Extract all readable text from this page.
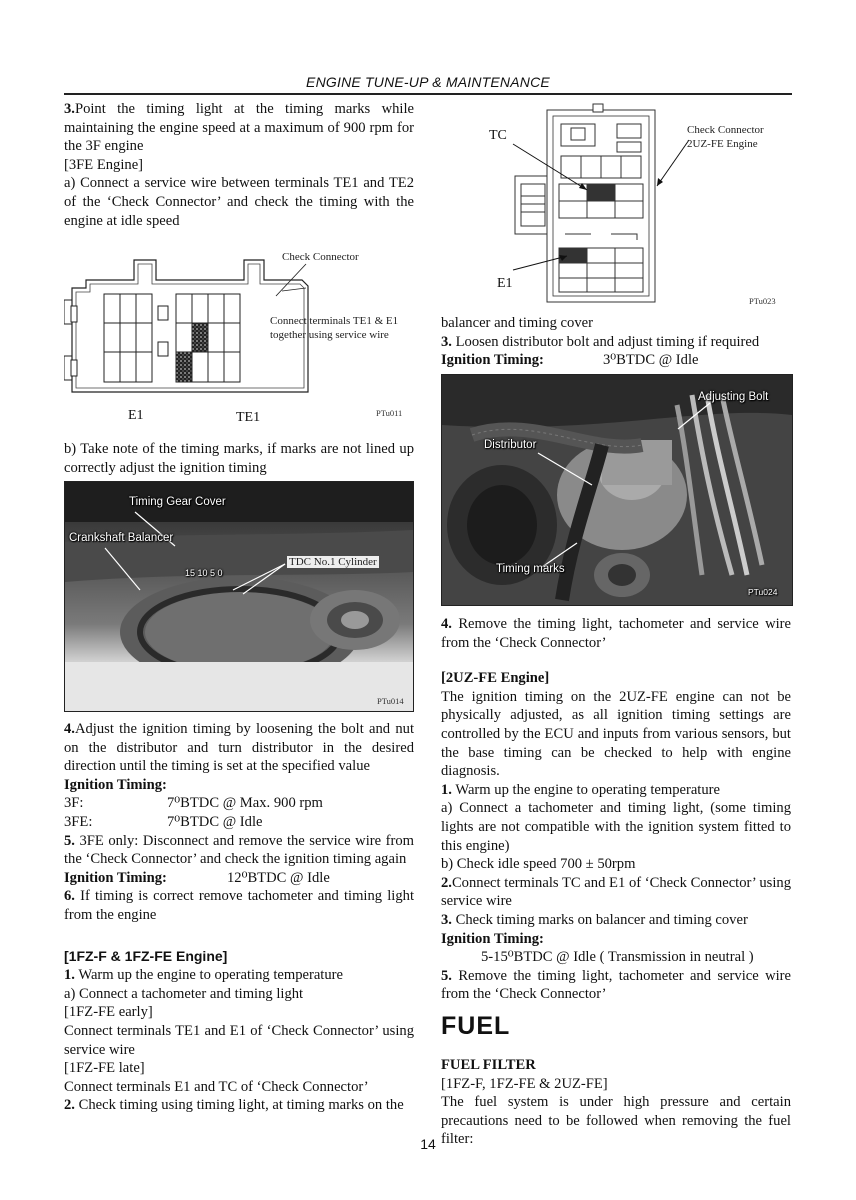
ENGINE TUNE-UP & MAINTENANCE

3.Point the timing light at the timing marks while maintaining the engine speed at a maximum of 900 rpm for the 3F engine

[3FE Engine]

a) Connect a service wire between terminals TE1 and TE2 of the ‘Check Connector’ and check the timing with the engine at idle speed

Check Connector
Connect terminals TE1 & E1 together using service wire
E1	TE1	PTu011

b) Take note of the timing marks, if marks are not lined up correctly adjust the ignition timing

Timing Gear Cover
Crankshaft Balancer
TDC No.1 Cylinder
15 10 5 0
PTu014

4.Adjust the ignition timing by loosening the bolt and nut on the distributor and turn distributor in the desired direction until the timing is set at the specified value

Ignition Timing:

3F:	7⁰BTDC @ Max. 900 rpm

3FE:	7⁰BTDC @ Idle

5. 3FE only: Disconnect and remove the service wire from the ‘Check Connector’ and check the ignition timing again

Ignition Timing:	12⁰BTDC @ Idle

6. If timing is correct remove tachometer and timing light from the engine

[1FZ-F & 1FZ-FE Engine]

1. Warm up the engine to operating temperature

a) Connect a tachometer and timing light

[1FZ-FE early]

Connect terminals TE1 and E1 of ‘Check Connector’ using service wire

[1FZ-FE late]

Connect terminals E1 and TC of ‘Check Connector’

2. Check timing using timing light, at timing marks on the

TC	Check Connector
2UZ-FE Engine
E1
PTu023

balancer and timing cover

3. Loosen distributor bolt and adjust timing if required

Ignition Timing:	3⁰BTDC @ Idle

Adjusting Bolt
Distributor
Timing marks
PTu024

4. Remove the timing light, tachometer and service wire from the ‘Check Connector’

[2UZ-FE Engine]

The ignition timing on the 2UZ-FE engine can not be physically adjusted, as all ignition timing settings are controlled by the ECU and inputs from various sensors, but the base timing can be checked to help with engine diagnosis.

1. Warm up the engine to operating temperature

a) Connect a tachometer and timing light, (some timing lights are not compatible with the ignition system fitted to this engine)

b) Check idle speed 700 ± 50rpm

2.Connect terminals TC and E1 of ‘Check Connector’ using service wire

3. Check timing marks on balancer and timing cover

Ignition Timing:

5-15⁰BTDC @ Idle ( Transmission in neutral )

5. Remove the timing light, tachometer and service wire from the ‘Check Connector’

FUEL

FUEL FILTER

[1FZ-F, 1FZ-FE & 2UZ-FE]

The fuel system is under high pressure and certain precautions need to be followed when removing the fuel filter:

14
